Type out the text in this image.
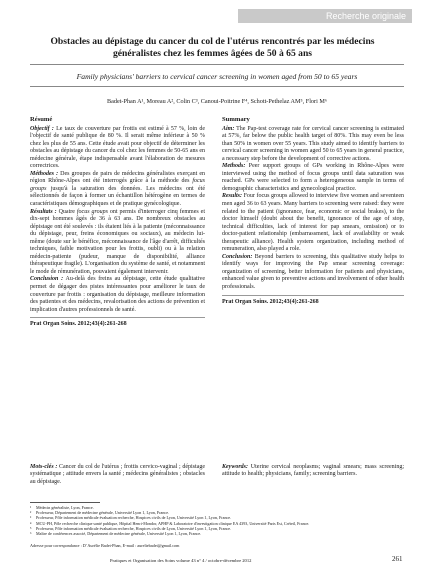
Recherche originale
Obstacles au dépistage du cancer du col de l'utérus rencontrés par les médecins généralistes chez les femmes âgées de 50 à 65 ans
Family physicians' barriers to cervical cancer screening in women aged from 50 to 65 years
Badet-Phan A¹, Moreau A², Colin C³, Canoui-Poitrine F⁴, Schott-Pethelaz AM⁵, Flori M⁶
Résumé

Objectif : Le taux de couverture par frottis est estimé à 57 %, loin de l'objectif de santé publique de 80 %. Il serait même inférieur à 50 % chez les plus de 55 ans. Cette étude avait pour objectif de déterminer les obstacles au dépistage du cancer du col chez les femmes de 50-65 ans en médecine générale, étape indispensable avant l'élaboration de mesures correctrices.

Méthodes : Des groupes de pairs de médecins généralistes exerçant en région Rhône-Alpes ont été interrogés grâce à la méthode des focus groups jusqu'à la saturation des données. Les médecins ont été sélectionnés de façon à former un échantillon hétérogène en termes de caractéristiques démographiques et de pratique gynécologique.

Résultats : Quatre focus groups ont permis d'interroger cinq femmes et dix-sept hommes âgés de 36 à 63 ans. De nombreux obstacles au dépistage ont été soulevés : ils étaient liés à la patiente (méconnaissance du dépistage, peur, freins économiques ou sociaux), au médecin lui-même (doute sur le bénéfice, méconnaissance de l'âge d'arrêt, difficultés techniques, faible motivation pour les frottis, oubli) ou à la relation médecin-patiente (pudeur, manque de disponibilité, alliance thérapeutique fragile). L'organisation du système de santé, et notamment le mode de rémunération, pouvaient également intervenir.

Conclusion : Au-delà des freins au dépistage, cette étude qualitative permet de dégager des pistes intéressantes pour améliorer le taux de couverture par frottis : organisation du dépistage, meilleure information des patientes et des médecins, revalorisation des actions de prévention et implication d'autres professionnels de santé.

Prat Organ Soins. 2012;43(4):261-268

Summary

Aim: The Pap-test coverage rate for cervical cancer screening is estimated at 57%, far below the public health target of 80%. This may even be less than 50% in women over 55 years. This study aimed to identify barriers to cervical cancer screening in women aged 50 to 65 years in general practice, a necessary step before the development of corrective actions.

Methods: Peer support groups of GPs working in Rhône-Alpes were interviewed using the method of focus groups until data saturation was reached. GPs were selected to form a heterogeneous sample in terms of demographic characteristics and gynecological practice.

Results: Four focus groups allowed to interview five women and seventeen men aged 36 to 63 years. Many barriers to screening were raised: they were related to the patient (ignorance, fear, economic or social brakes), to the doctor himself (doubt about the benefit, ignorance of the age of stop, technical difficulties, lack of interest for pap smears, omission) or to doctor-patient relationship (embarrassment, lack of availability or weak therapeutic alliance). Health system organization, including method of remuneration, also played a role.

Conclusion: Beyond barriers to screening, this qualitative study helps to identify ways for improving the Pap smear screening coverage: organization of screening, better information for patients and physicians, enhanced value given to preventive actions and involvement of other health professionals.

Prat Organ Soins. 2012;43(4):261-268

Mots-clés : Cancer du col de l'utérus ; frottis cervico-vaginal ; dépistage systématique ; attitude envers la santé ; médecins généralistes ; obstacles au dépistage.
Keywords: Uterine cervical neoplasms; vaginal smears; mass screening; attitude to health; physicians, family; screening barriers.
¹	Médecin généraliste, Lyon, France.
²	Professeur, Département de médecine générale, Université Lyon 1, Lyon, France.
³	Professeur, Pôle information médicale évaluation recherche, Hospices civils de Lyon, Université Lyon 1, Lyon, France.
⁴	MCU-PH, Pôle recherche clinique santé publique, Hôpital Henri-Mondor, APHP & Laboratoire d'investigation clinique EA 4393, Université Paris Est, Créteil, France.
⁵	Professeur, Pôle information médicale évaluation recherche, Hospices civils de Lyon, Université Lyon 1, Lyon, France.
⁶	Maître de conférences associé, Département de médecine générale, Université Lyon 1, Lyon, France.
Adresse pour correspondance : D' Aurélie Badet-Phan, E-mail : aureliebadet@gmail.com
Pratiques et Organisation des Soins volume 43 n° 4 / octobre-décembre 2012	261
